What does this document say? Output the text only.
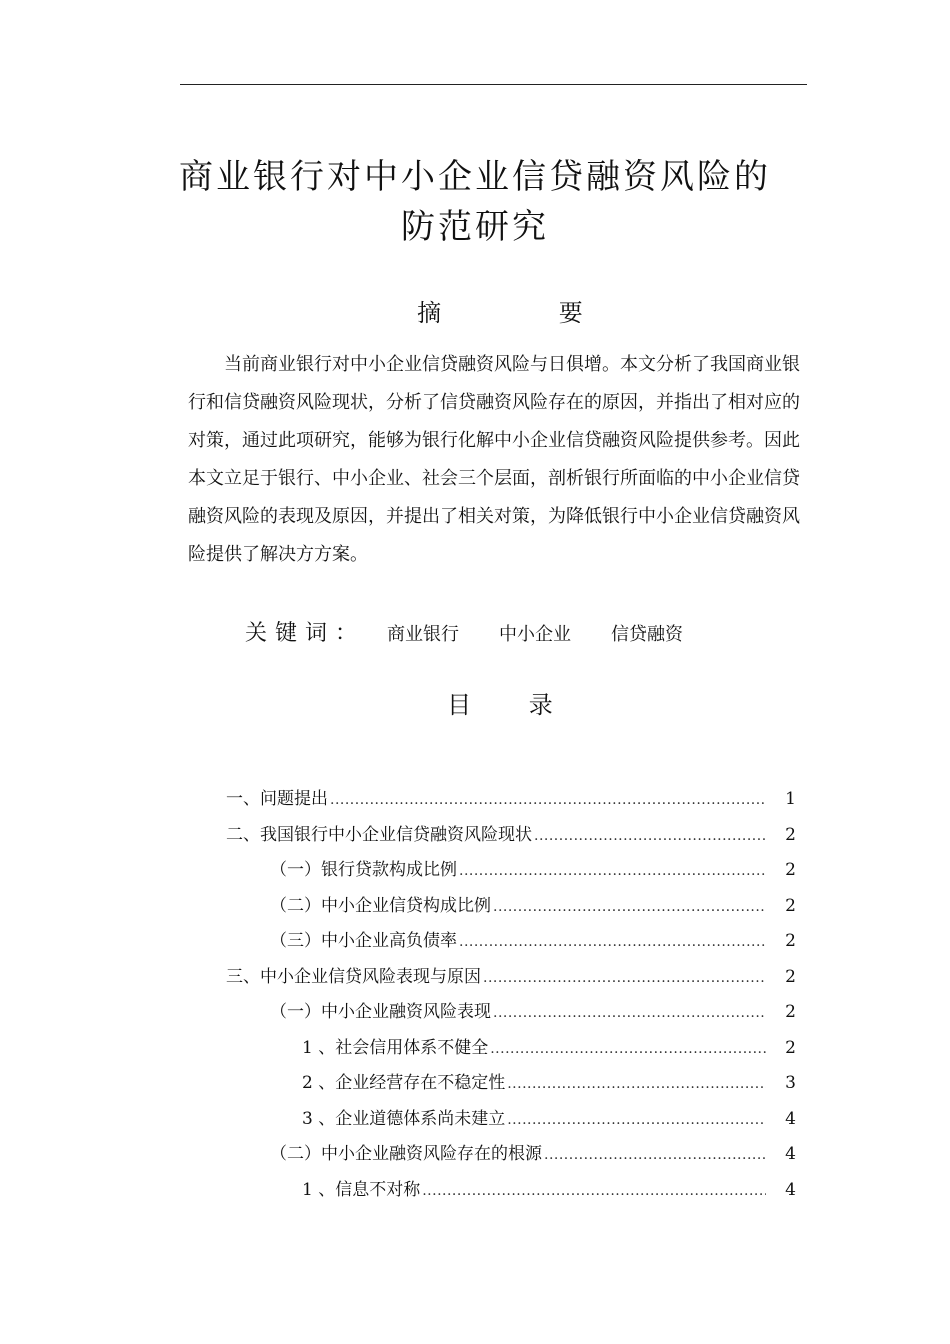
商业银行对中小企业信贷融资风险的
防范研究
摘 要

当前商业银行对中小企业信贷融资风险与日俱增。本文分析了我国商业银行和信贷融资风险现状，分析了信贷融资风险存在的原因，并指出了相对应的对策，通过此项研究，能够为银行化解中小企业信贷融资风险提供参考。因此本文立足于银行、中小企业、社会三个层面，剖析银行所面临的中小企业信贷融资风险的表现及原因，并提出了相关对策，为降低银行中小企业信贷融资风险提供了解决方方案。

关键词： 商业银行 中小企业 信贷融资
目 录
一、问题提出 .....	1
二、我国银行中小企业信贷融资风险现状 .....	2
（一）银行贷款构成比例 .....	2
（二）中小企业信贷构成比例 .....	2
（三）中小企业高负债率 .....	2
三、中小企业信贷风险表现与原因 .....	2
（一）中小企业融资风险表现 .....	2
1 、社会信用体系不健全 .....	2
2 、企业经营存在不稳定性 .....	3
3 、企业道德体系尚未建立 .....	4
（二）中小企业融资风险存在的根源 .....	4
1 、信息不对称 .....	4
